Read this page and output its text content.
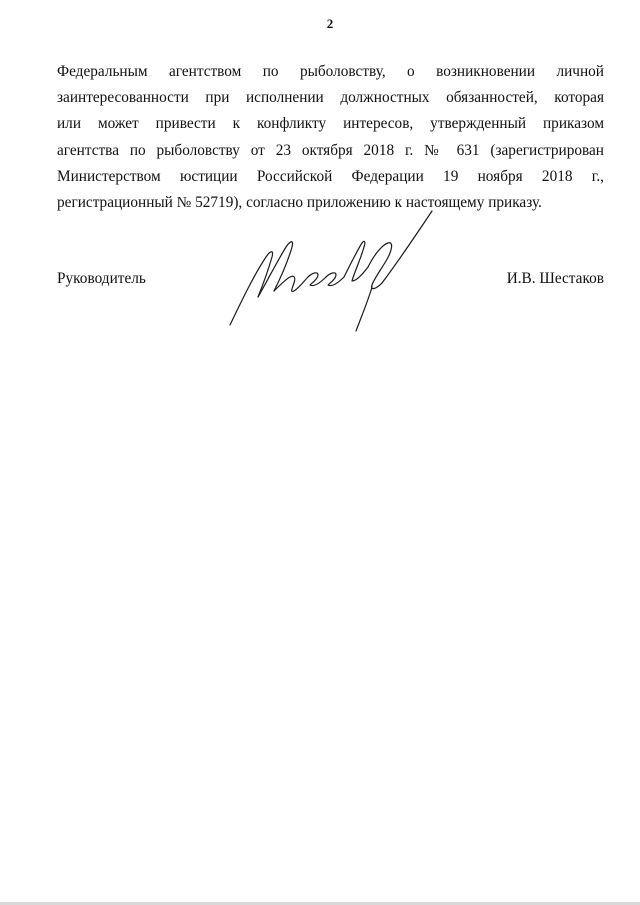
2
Федеральным агентством по рыболовству, о возникновении личной
заинтересованности при исполнении должностных обязанностей, которая
или может привести к конфликту интересов, утвержденный приказом
агентства по рыболовству от 23 октября 2018 г. № 631 (зарегистрирован
Министерством юстиции Российской Федерации 19 ноября 2018 г.,
регистрационный № 52719), согласно приложению к настоящему приказу.
Руководитель	И.В. Шестаков
